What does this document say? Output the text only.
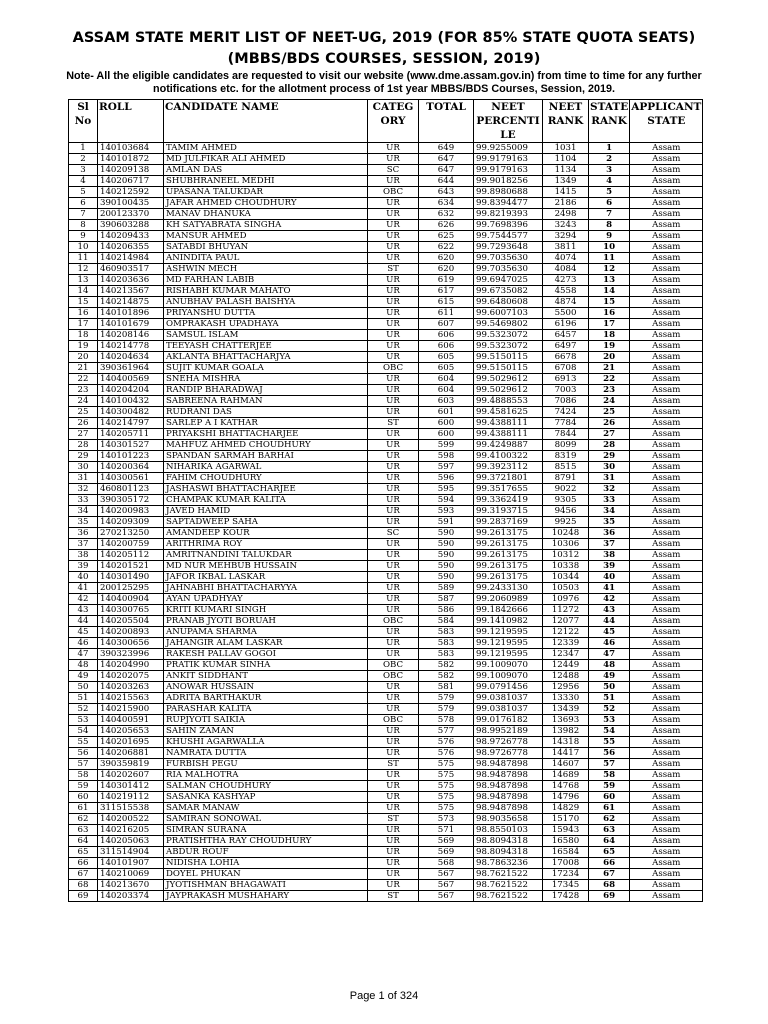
ASSAM STATE MERIT LIST OF NEET-UG, 2019 (FOR 85% STATE QUOTA SEATS)
(MBBS/BDS COURSES, SESSION, 2019)
Note- All the eligible candidates are requested to visit our website (www.dme.assam.gov.in) from time to time for any further
notifications etc. for the allotment process of 1st year MBBS/BDS Courses, Session, 2019.
Sl No	ROLL	CANDIDATE NAME	CATEG ORY	TOTAL	NEET PERCENTI LE	NEET RANK	STATE RANK	APPLICANT STATE
1	140103684	TAMIM AHMED	UR	649	99.9255009	1031	1	Assam
2	140101872	MD JULFIKAR ALI AHMED	UR	647	99.9179163	1104	2	Assam
3	140209138	AMLAN DAS	SC	647	99.9179163	1134	3	Assam
4	140206717	SHUBHRANEEL MEDHI	UR	644	99.9018256	1349	4	Assam
5	140212592	UPASANA TALUKDAR	OBC	643	99.8980688	1415	5	Assam
6	390100435	JAFAR AHMED CHOUDHURY	UR	634	99.8394477	2186	6	Assam
7	200123370	MANAV DHANUKA	UR	632	99.8219393	2498	7	Assam
8	390603288	KH SATYABRATA SINGHA	UR	626	99.7698396	3243	8	Assam
9	140209433	MANSUR AHMED	UR	625	99.7544577	3294	9	Assam
10	140206355	SATABDI BHUYAN	UR	622	99.7293648	3811	10	Assam
11	140214984	ANINDITA PAUL	UR	620	99.7035630	4074	11	Assam
12	460903517	ASHWIN MECH	ST	620	99.7035630	4084	12	Assam
13	140203636	MD FARHAN LABIB	UR	619	99.6947025	4273	13	Assam
14	140213567	RISHABH KUMAR MAHATO	UR	617	99.6735082	4558	14	Assam
15	140214875	ANUBHAV PALASH BAISHYA	UR	615	99.6480608	4874	15	Assam
16	140101896	PRIYANSHU DUTTA	UR	611	99.6007103	5500	16	Assam
17	140101679	OMPRAKASH UPADHAYA	UR	607	99.5469802	6196	17	Assam
18	140208146	SAMSUL ISLAM	UR	606	99.5323072	6457	18	Assam
19	140214778	TEEYASH CHATTERJEE	UR	606	99.5323072	6497	19	Assam
20	140204634	AKLANTA BHATTACHARJYA	UR	605	99.5150115	6678	20	Assam
21	390361964	SUJIT KUMAR GOALA	OBC	605	99.5150115	6708	21	Assam
22	140400569	SNEHA MISHRA	UR	604	99.5029612	6913	22	Assam
23	140204204	RANDIP BHARADWAJ	UR	604	99.5029612	7003	23	Assam
24	140100432	SABREENA RAHMAN	UR	603	99.4888553	7086	24	Assam
25	140300482	RUDRANI DAS	UR	601	99.4581625	7424	25	Assam
26	140214797	SARLEP A I KATHAR	ST	600	99.4388111	7784	26	Assam
27	140205711	PRIYAKSHI BHATTACHARJEE	UR	600	99.4388111	7844	27	Assam
28	140301527	MAHFUZ AHMED CHOUDHURY	UR	599	99.4249887	8099	28	Assam
29	140101223	SPANDAN SARMAH BARHAI	UR	598	99.4100322	8319	29	Assam
30	140200364	NIHARIKA AGARWAL	UR	597	99.3923112	8515	30	Assam
31	140300561	FAHIM CHOUDHURY	UR	596	99.3721801	8791	31	Assam
32	460801123	JASHASWI BHATTACHARJEE	UR	595	99.3517655	9022	32	Assam
33	390305172	CHAMPAK KUMAR KALITA	UR	594	99.3362419	9305	33	Assam
34	140200983	JAVED HAMID	UR	593	99.3193715	9456	34	Assam
35	140209309	SAPTADWEEP SAHA	UR	591	99.2837169	9925	35	Assam
36	270213250	AMANDEEP KOUR	SC	590	99.2613175	10248	36	Assam
37	140200759	ARITHRIMA ROY	UR	590	99.2613175	10306	37	Assam
38	140205112	AMRITNANDINI TALUKDAR	UR	590	99.2613175	10312	38	Assam
39	140201521	MD NUR MEHBUB HUSSAIN	UR	590	99.2613175	10338	39	Assam
40	140301490	JAFOR IKBAL LASKAR	UR	590	99.2613175	10344	40	Assam
41	200125295	JAHNABHI BHATTACHARYYA	UR	589	99.2433130	10503	41	Assam
42	140400904	AYAN UPADHYAY	UR	587	99.2060989	10976	42	Assam
43	140300765	KRITI KUMARI SINGH	UR	586	99.1842666	11272	43	Assam
44	140205504	PRANAB JYOTI BORUAH	OBC	584	99.1410982	12077	44	Assam
45	140200893	ANUPAMA SHARMA	UR	583	99.1219595	12122	45	Assam
46	140300656	JAHANGIR ALAM LASKAR	UR	583	99.1219595	12339	46	Assam
47	390323996	RAKESH PALLAV GOGOI	UR	583	99.1219595	12347	47	Assam
48	140204990	PRATIK KUMAR SINHA	OBC	582	99.1009070	12449	48	Assam
49	140202075	ANKIT SIDDHANT	OBC	582	99.1009070	12488	49	Assam
50	140203263	ANOWAR HUSSAIN	UR	581	99.0791456	12956	50	Assam
51	140215563	ADRITA BARTHAKUR	UR	579	99.0381037	13330	51	Assam
52	140215900	PARASHAR KALITA	UR	579	99.0381037	13439	52	Assam
53	140400591	RUPJYOTI SAIKIA	OBC	578	99.0176182	13693	53	Assam
54	140205653	SAHIN ZAMAN	UR	577	98.9952189	13982	54	Assam
55	140201695	KHUSHI AGARWALLA	UR	576	98.9726778	14318	55	Assam
56	140206881	NAMRATA DUTTA	UR	576	98.9726778	14417	56	Assam
57	390359819	FURBISH PEGU	ST	575	98.9487898	14607	57	Assam
58	140202607	RIA MALHOTRA	UR	575	98.9487898	14689	58	Assam
59	140301412	SALMAN CHOUDHURY	UR	575	98.9487898	14768	59	Assam
60	140219112	SASANKA KASHYAP	UR	575	98.9487898	14796	60	Assam
61	311515538	SAMAR MANAW	UR	575	98.9487898	14829	61	Assam
62	140200522	SAMIRAN SONOWAL	ST	573	98.9035658	15170	62	Assam
63	140216205	SIMRAN SURANA	UR	571	98.8550103	15943	63	Assam
64	140205063	PRATISHTHA RAY CHOUDHURY	UR	569	98.8094318	16580	64	Assam
65	311514904	ABDUR ROUF	UR	569	98.8094318	16584	65	Assam
66	140101907	NIDISHA LOHIA	UR	568	98.7863236	17008	66	Assam
67	140210069	DOYEL PHUKAN	UR	567	98.7621522	17234	67	Assam
68	140213670	JYOTISHMAN BHAGAWATI	UR	567	98.7621522	17345	68	Assam
69	140203374	JAYPRAKASH MUSHAHARY	ST	567	98.7621522	17428	69	Assam
Page 1 of 324
